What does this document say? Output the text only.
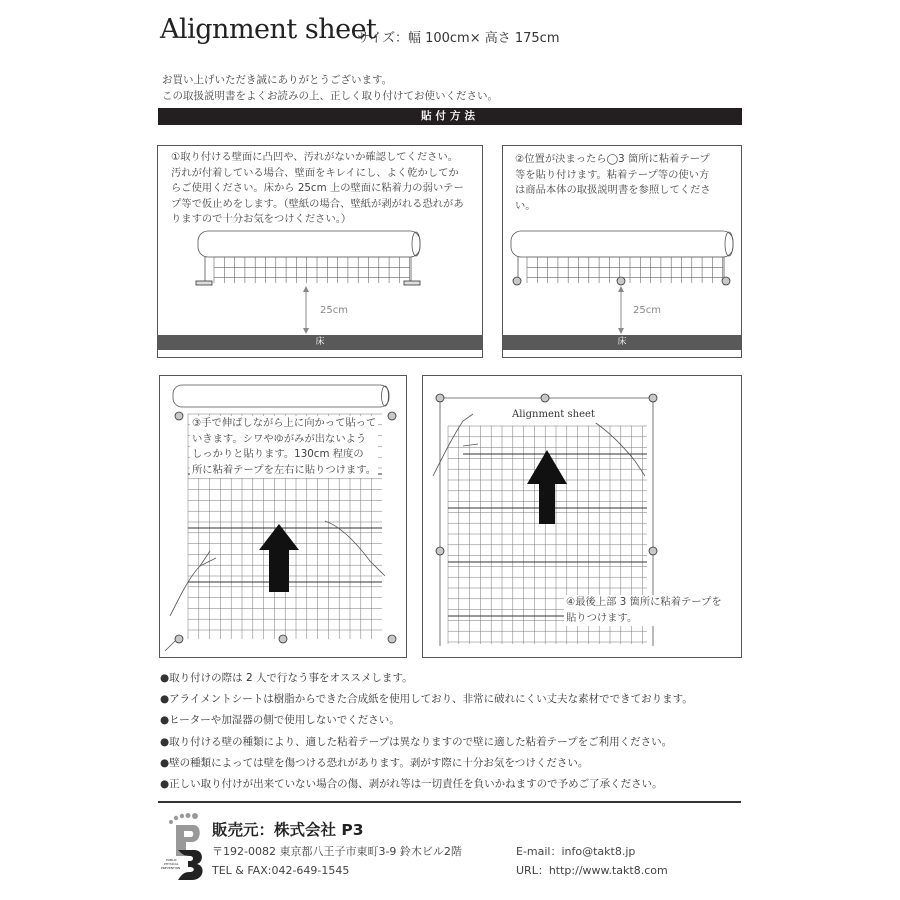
Alignment sheet
サイズ：幅 100cm× 高さ 175cm
お買い上げいただき誠にありがとうございます。
この取扱説明書をよくお読みの上、正しく取り付けてお使いください。
貼付方法
①取り付ける壁面に凸凹や、汚れがないか確認してください。
汚れが付着している場合、壁面をキレイにし、よく乾かしてか
らご使用ください。床から 25cm 上の壁面に粘着力の弱いテー
プ等で仮止めをします。（壁紙の場合、壁紙が剥がれる恐れがあ
りますので十分お気をつけください。）
25cm
床
②位置が決まったら◯3 箇所に粘着テープ
等を貼り付けます。粘着テープ等の使い方
は商品本体の取扱説明書を参照してくださ
い。
25cm
床
③手で伸ばしながら上に向かって貼って
いきます。シワやゆがみが出ないよう
しっかりと貼ります。130cm 程度の
所に粘着テープを左右に貼りつけます。
Alignment sheet
④最後上部 3 箇所に粘着テープを
貼りつけます。
●取り付けの際は 2 人で行なう事をオススメします。
●アライメントシートは樹脂からできた合成紙を使用しており、非常に破れにくい丈夫な素材でできております。
●ヒーターや加湿器の側で使用しないでください。
●取り付ける壁の種類により、適した粘着テープは異なりますので壁に適した粘着テープをご利用ください。
●壁の種類によっては壁を傷つける恐れがあります。剥がす際に十分お気をつけください。
●正しい取り付けが出来ていない場合の傷、剥がれ等は一切責任を負いかねますので予めご了承ください。
PUBLIC
PHYSICAL
PREVENTION
販売元：株式会社 P3
〒192-0082 東京都八王子市東町3-9 鈴木ビル2階
TEL & FAX:042-649-1545
E-mail：info@takt8.jp
URL：http://www.takt8.com
